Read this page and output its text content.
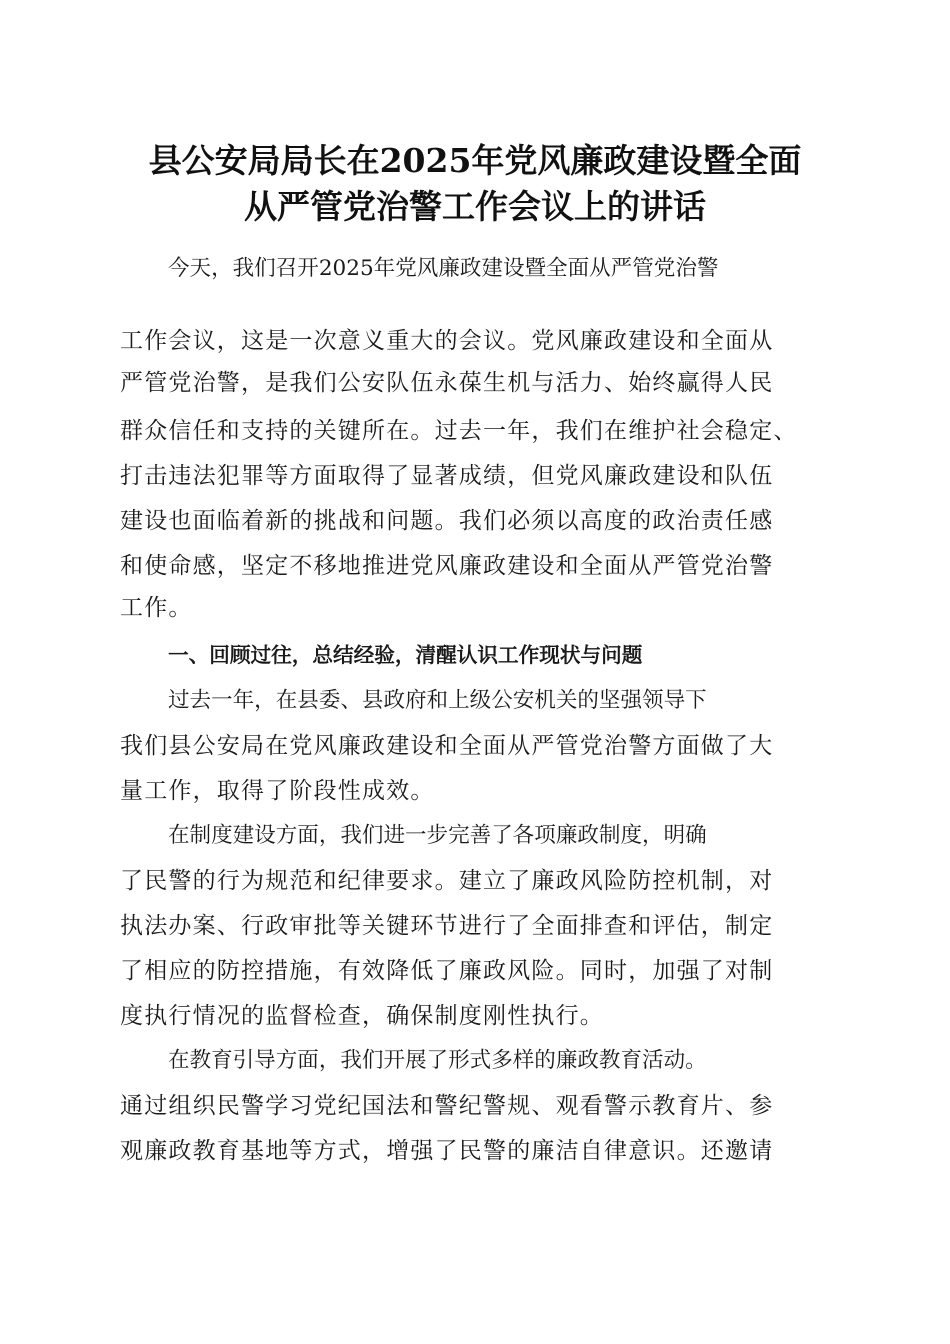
县公安局局长在2025年党风廉政建设暨全面
从严管党治警工作会议上的讲话
今天，我们召开2025年党风廉政建设暨全面从严管党治警
工作会议，这是一次意义重大的会议。党风廉政建设和全面从
严管党治警，是我们公安队伍永葆生机与活力、始终赢得人民
群众信任和支持的关键所在。过去一年，我们在维护社会稳定、
打击违法犯罪等方面取得了显著成绩，但党风廉政建设和队伍
建设也面临着新的挑战和问题。我们必须以高度的政治责任感
和使命感，坚定不移地推进党风廉政建设和全面从严管党治警
工作。
一、回顾过往，总结经验，清醒认识工作现状与问题
过去一年，在县委、县政府和上级公安机关的坚强领导下
我们县公安局在党风廉政建设和全面从严管党治警方面做了大
量工作，取得了阶段性成效。
在制度建设方面，我们进一步完善了各项廉政制度，明确
了民警的行为规范和纪律要求。建立了廉政风险防控机制，对
执法办案、行政审批等关键环节进行了全面排查和评估，制定
了相应的防控措施，有效降低了廉政风险。同时，加强了对制
度执行情况的监督检查，确保制度刚性执行。
在教育引导方面，我们开展了形式多样的廉政教育活动。
通过组织民警学习党纪国法和警纪警规、观看警示教育片、参
观廉政教育基地等方式，增强了民警的廉洁自律意识。还邀请
